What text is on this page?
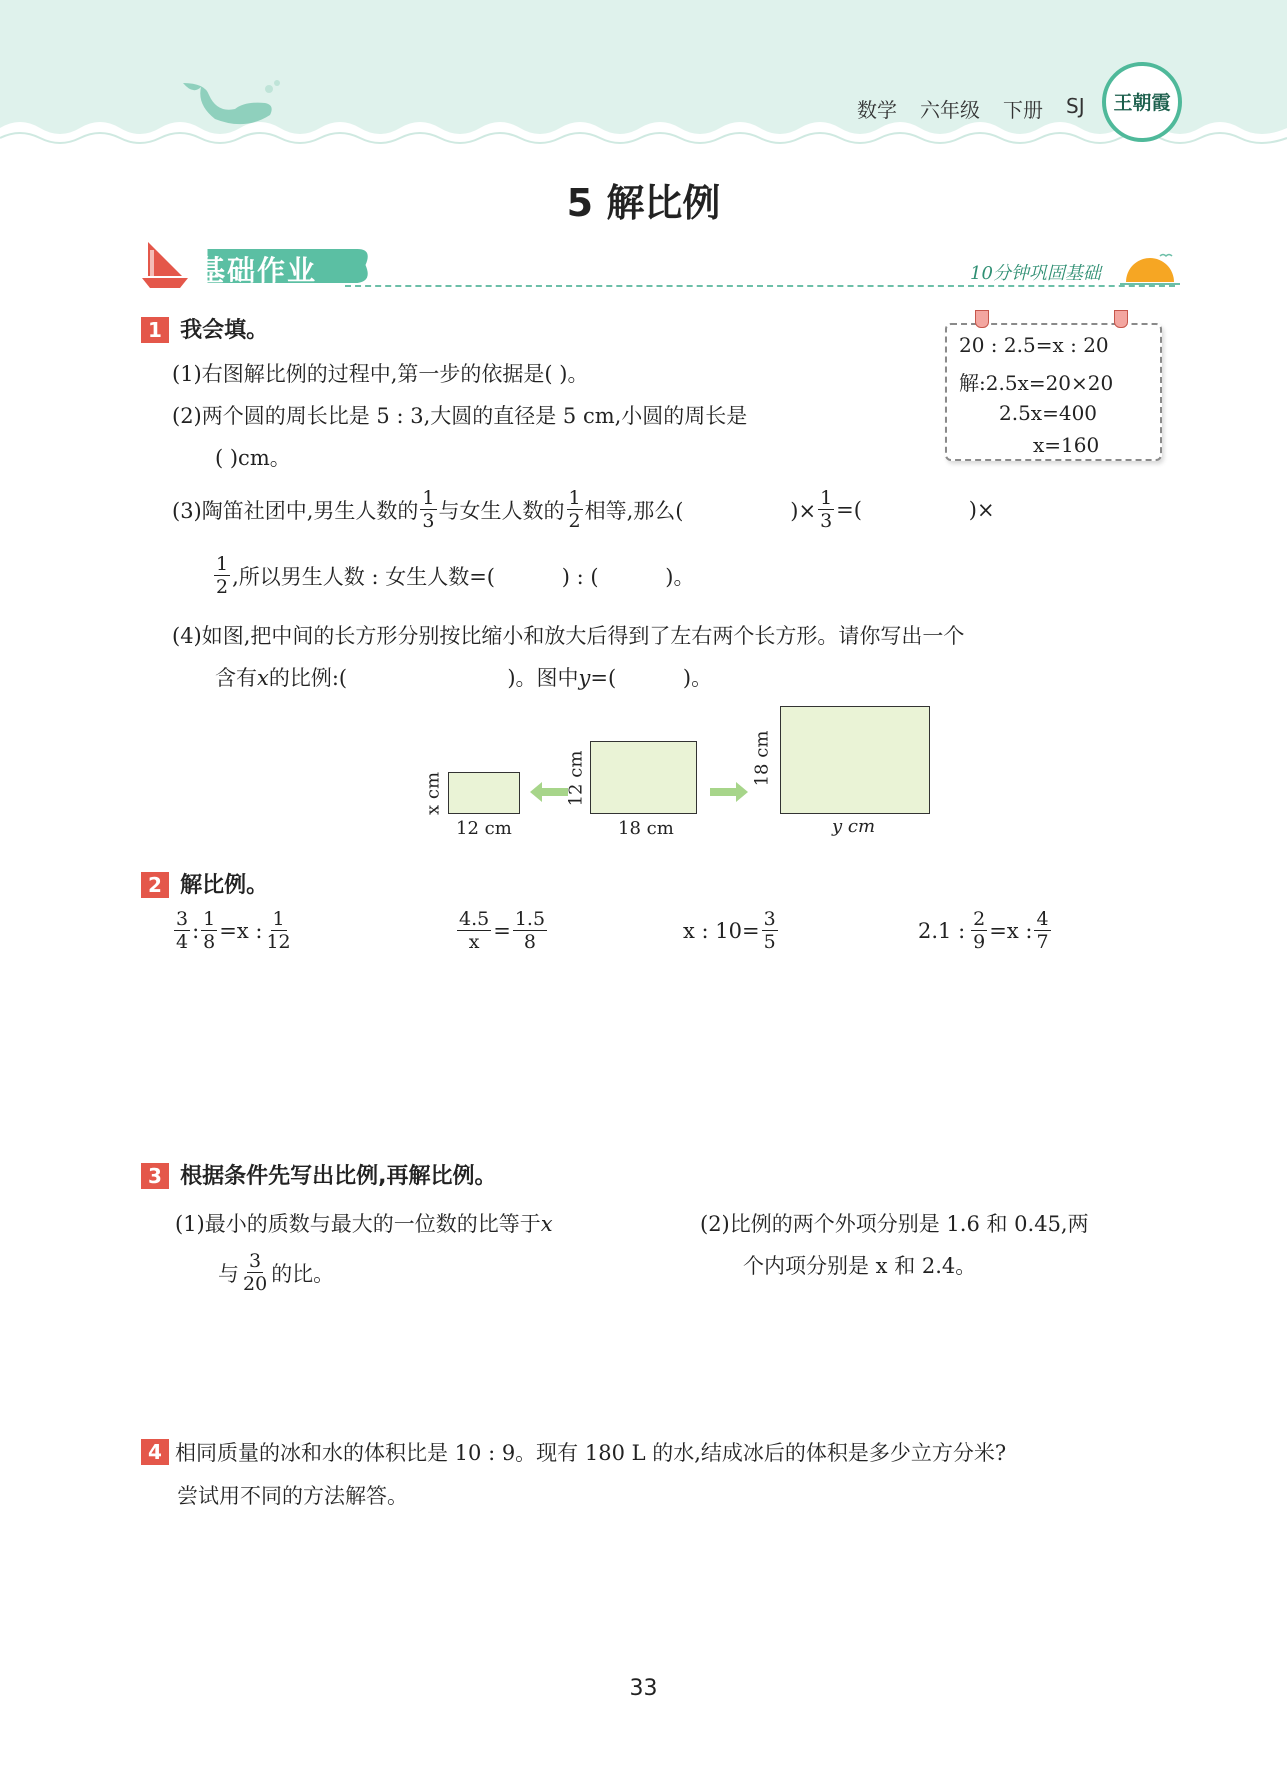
数学 六年级 下册 SJ	王朝霞
5 解比例
基础作业	10分钟巩固基础
1 我会填。
(1)右图解比例的过程中,第一步的依据是( )。
(2)两个圆的周长比是 5 : 3,大圆的直径是 5 cm,小圆的周长是
( )cm。
(3)陶笛社团中,男生人数的 $\frac{1}{3}$ 与女生人数的 $\frac{1}{2}$ 相等,那么(                )× $\frac{1}{3}$ =(                )×
$\frac{1}{2}$ ,所以男生人数 : 女生人数=(          ) : (          )。
(4)如图,把中间的长方形分别按比缩小和放大后得到了左右两个长方形。请你写出一个
含有x的比例:(                        )。图中y=(          )。
20 : 2.5=x : 20
解:2.5x=20×20
2.5x=400
x=160
x cm
12 cm
12 cm
18 cm
18 cm
y cm
2 解比例。
$\frac{3}{4}$ : $\frac{1}{8} =x$ : $\frac{1}{12}$	$\frac{4.5}{x} = \frac{1.5}{8}$	x : $10= \frac{3}{5}$	2.1 : $\frac{2}{9} =x$ : $\frac{4}{7}$
3 根据条件先写出比例,再解比例。
(1)最小的质数与最大的一位数的比等于x
与 $\frac{3}{20}$ 的比。
(2)比例的两个外项分别是 1.6 和 0.45,两
个内项分别是 x 和 2.4。
4 相同质量的冰和水的体积比是 10 : 9。现有 180 L 的水,结成冰后的体积是多少立方分米?
尝试用不同的方法解答。
33
